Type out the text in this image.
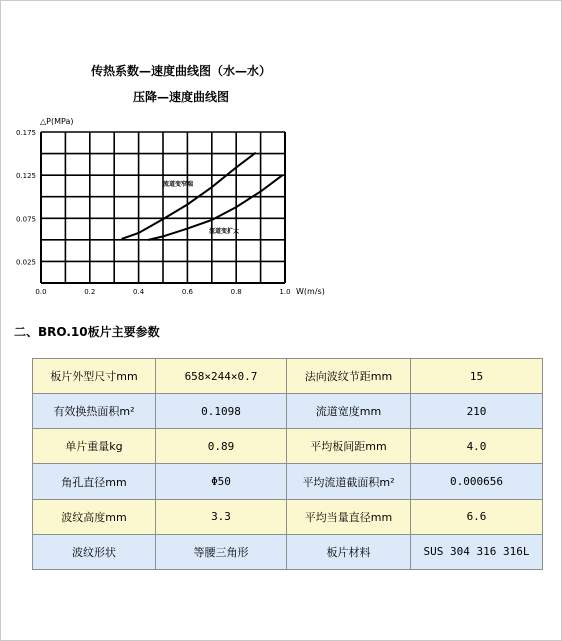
传热系数—速度曲线图（水—水）
压降—速度曲线图
0.0	0.2	0.4	0.6	0.8	1.0
0.025
0.075
0.125
0.175
△P(MPa)
W(m/s)
流道变窄端
流道变扩大
二、BRO.10板片主要参数
板片外型尺寸mm	658×244×0.7	法向波纹节距mm	15
有效换热面积m²	0.1098	流道宽度mm	210
单片重量kg	0.89	平均板间距mm	4.0
角孔直径mm	Φ50	平均流道截面积m²	0.000656
波纹高度mm	3.3	平均当量直径mm	6.6
波纹形状	等腰三角形	板片材料	SUS 304 316 316L
